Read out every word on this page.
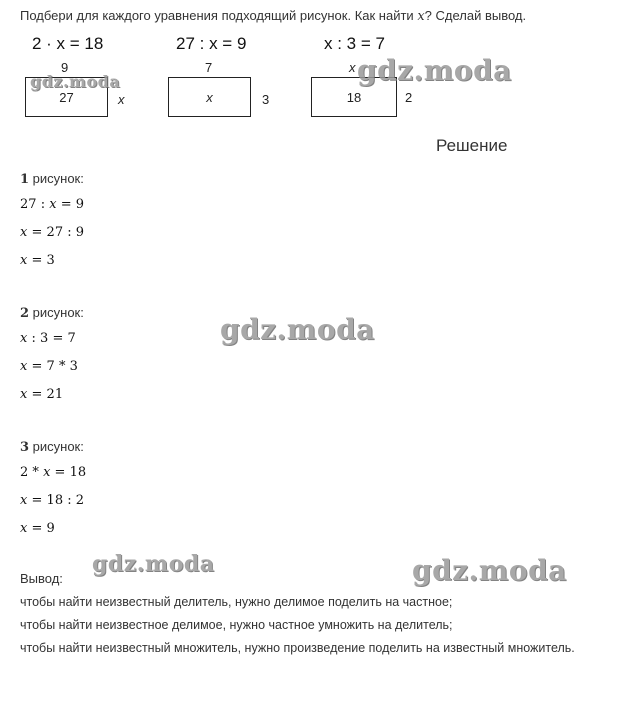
Подбери для каждого уравнения подходящий рисунок. Как найти x? Сделай вывод.
2 · x = 18	27 : x = 9	x : 3 = 7
9
27	x
7
x	3
x
18	2
Решение
1 рисунок:
27 : x = 9
x = 27 : 9
x = 3
2 рисунок:
x : 3 = 7
x = 7 * 3
x = 21
3 рисунок:
2 * x = 18
x = 18 : 2
x = 9
Вывод:
чтобы найти неизвестный делитель, нужно делимое поделить на частное;
чтобы найти неизвестное делимое, нужно частное умножить на делитель;
чтобы найти неизвестный множитель, нужно произведение поделить на известный множитель.
gdz.moda	gdz.moda
gdz.moda
gdz.moda	gdz.moda
